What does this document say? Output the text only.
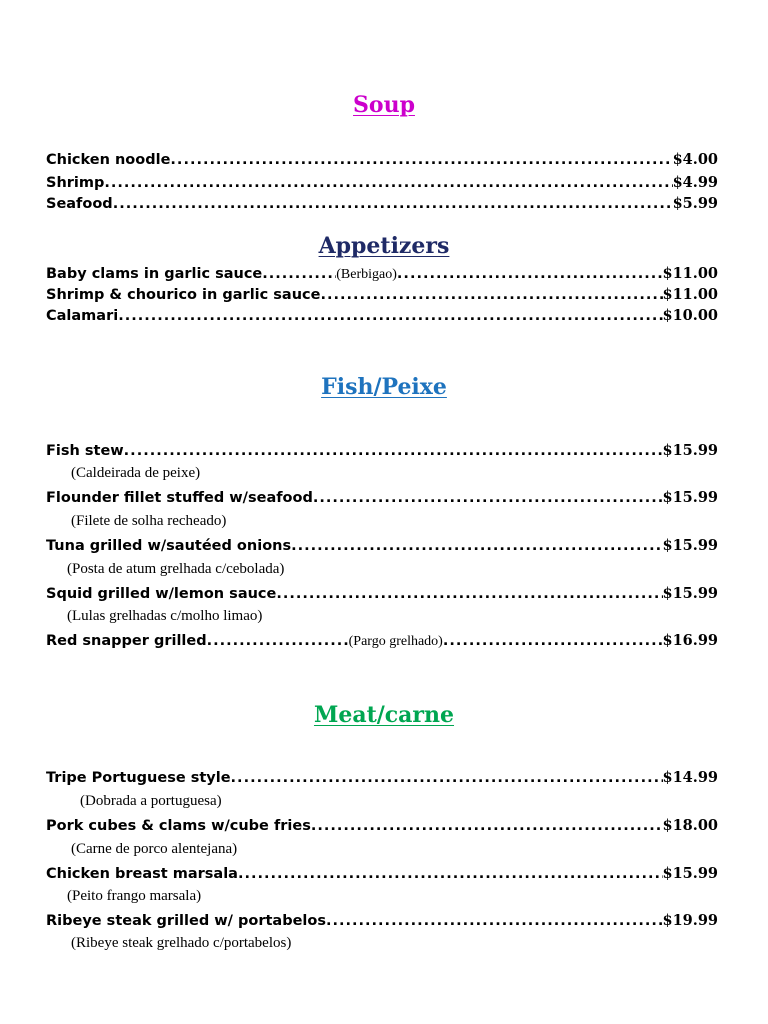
Soup
Chicken noodle .....	$4.00
Shrimp .....	$4.99
Seafood .....	$5.99
Appetizers
Baby clams in garlic sauce .....	(Berbigao) .....	$11.00
Shrimp & chourico in garlic sauce .....	$11.00
Calamari .....	$10.00
Fish/Peixe
Fish stew .....	$15.99
(Caldeirada de peixe)
Flounder fillet stuffed w/seafood .....	$15.99
(Filete de solha recheado)
Tuna grilled w/sautéed onions .....	$15.99
(Posta de atum grelhada c/cebolada)
Squid grilled w/lemon sauce .....	$15.99
(Lulas grelhadas c/molho limao)
Red snapper grilled .....	(Pargo grelhado) .....	$16.99
Meat/carne
Tripe Portuguese style .....	$14.99
(Dobrada a portuguesa)
Pork cubes & clams w/cube fries .....	$18.00
(Carne de porco alentejana)
Chicken breast marsala .....	$15.99
(Peito frango marsala)
Ribeye steak grilled w/ portabelos .....	$19.99
(Ribeye steak grelhado c/portabelos)
